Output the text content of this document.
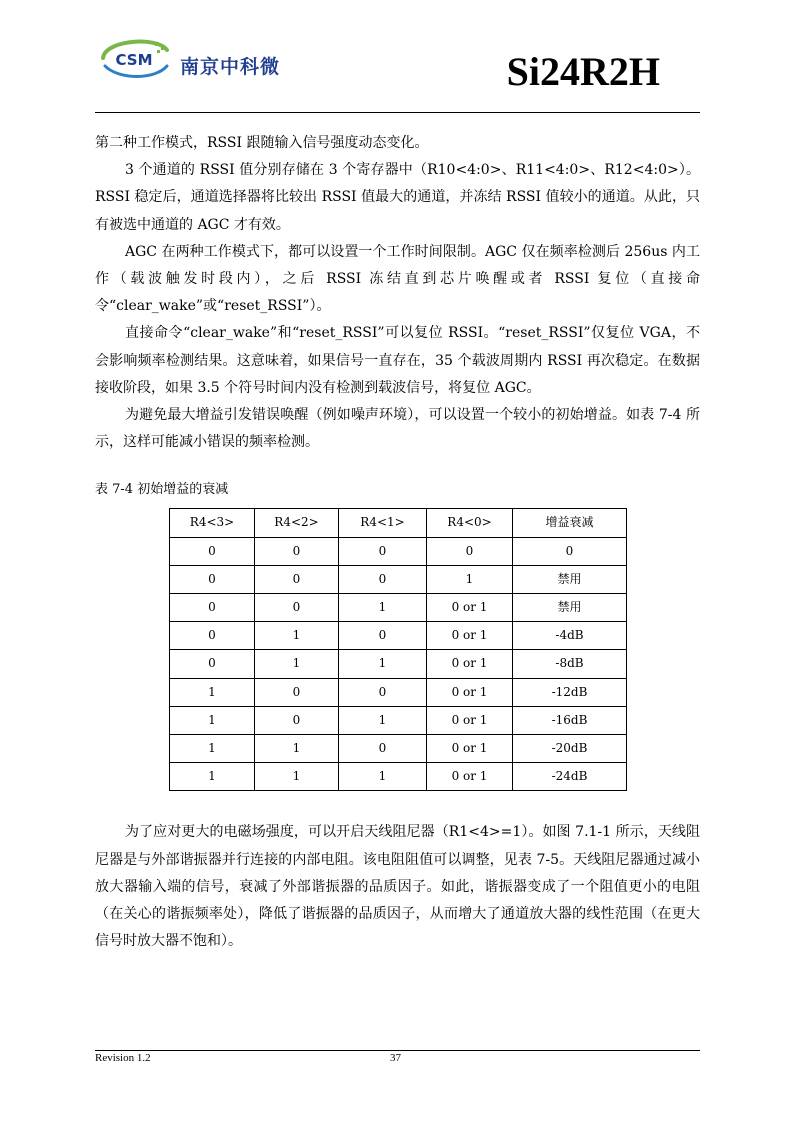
CSM 南京中科微	Si24R2H

第二种工作模式，RSSI 跟随输入信号强度动态变化。

3 个通道的 RSSI 值分别存储在 3 个寄存器中（R10<4:0>、R11<4:0>、R12<4:0>）。RSSI 稳定后，通道选择器将比较出 RSSI 值最大的通道，并冻结 RSSI 值较小的通道。从此，只有被选中通道的 AGC 才有效。

AGC 在两种工作模式下，都可以设置一个工作时间限制。AGC 仅在频率检测后 256us 内工作（载波触发时段内），之后 RSSI 冻结直到芯片唤醒或者 RSSI 复位（直接命令“clear_wake”或“reset_RSSI”）。

直接命令“clear_wake”和“reset_RSSI”可以复位 RSSI。“reset_RSSI”仅复位 VGA，不会影响频率检测结果。这意味着，如果信号一直存在，35 个载波周期内 RSSI 再次稳定。在数据接收阶段，如果 3.5 个符号时间内没有检测到载波信号，将复位 AGC。

为避免最大增益引发错误唤醒（例如噪声环境），可以设置一个较小的初始增益。如表 7-4 所示，这样可能减小错误的频率检测。

表 7-4 初始增益的衰减

R4<3>	R4<2>	R4<1>	R4<0>	增益衰减
0	0	0	0	0
0	0	0	1	禁用
0	0	1	0 or 1	禁用
0	1	0	0 or 1	-4dB
0	1	1	0 or 1	-8dB
1	0	0	0 or 1	-12dB
1	0	1	0 or 1	-16dB
1	1	0	0 or 1	-20dB
1	1	1	0 or 1	-24dB

为了应对更大的电磁场强度，可以开启天线阻尼器（R1<4>=1）。如图 7.1-1 所示，天线阻尼器是与外部谐振器并行连接的内部电阻。该电阻阻值可以调整，见表 7-5。天线阻尼器通过减小放大器输入端的信号，衰减了外部谐振器的品质因子。如此，谐振器变成了一个阻值更小的电阻（在关心的谐振频率处），降低了谐振器的品质因子，从而增大了通道放大器的线性范围（在更大信号时放大器不饱和）。

Revision 1.2	37
